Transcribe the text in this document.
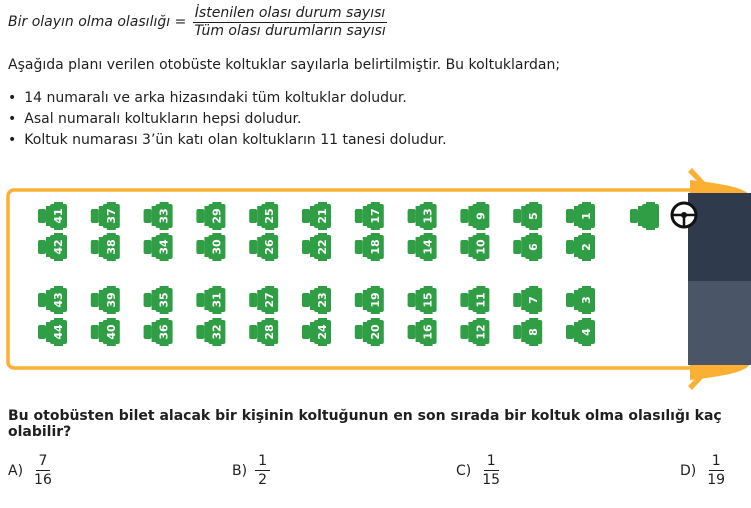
Bir olayın olma olasılığı = $\frac{\text{İstenilen olası durum sayısı}}{\text{Tüm olası durumların sayısı}}$
Aşağıda planı verilen otobüste koltuklar sayılarla belirtilmiştir. Bu koltuklardan;
• 14 numaralı ve arka hizasındaki tüm koltuklar doludur.
• Asal numaralı koltukların hepsi doludur.
• Koltuk numarası 3’ün katı olan koltukların 11 tanesi doludur.
41	37	33	29	25	21	17	13	9	5	1
42	38	34	30	26	22	18	14	10	6	2
43	39	35	31	27	23	19	15	11	7	3
44	40	36	32	28	24	20	16	12	8	4
Bu otobüsten bilet alacak bir kişinin koltuğunun en son sırada bir koltuk olma olasılığı kaç olabilir?
$A) \frac{7}{16}$	$B) \frac{1}{2}$	$C) \frac{1}{15}$	$D) \frac{1}{19}$
